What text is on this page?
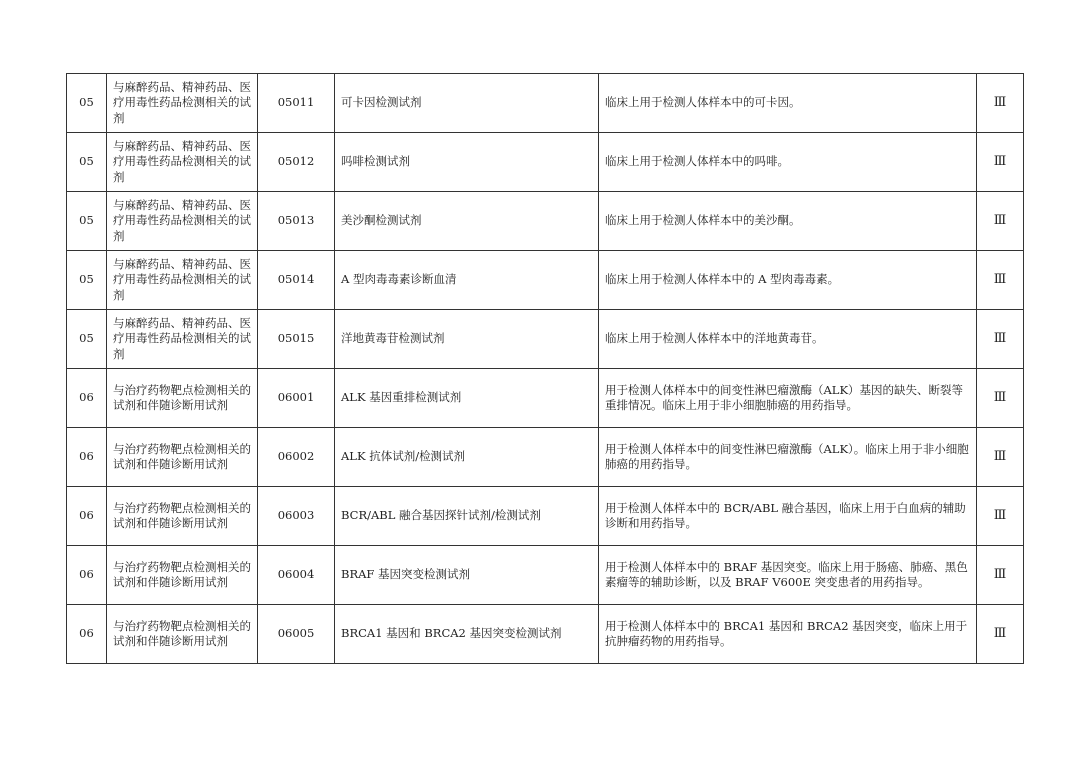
05	与麻醉药品、精神药品、医疗用毒性药品检测相关的试剂	05011	可卡因检测试剂	临床上用于检测人体样本中的可卡因。	Ⅲ
05	与麻醉药品、精神药品、医疗用毒性药品检测相关的试剂	05012	吗啡检测试剂	临床上用于检测人体样本中的吗啡。	Ⅲ
05	与麻醉药品、精神药品、医疗用毒性药品检测相关的试剂	05013	美沙酮检测试剂	临床上用于检测人体样本中的美沙酮。	Ⅲ
05	与麻醉药品、精神药品、医疗用毒性药品检测相关的试剂	05014	A 型肉毒毒素诊断血清	临床上用于检测人体样本中的 A 型肉毒毒素。	Ⅲ
05	与麻醉药品、精神药品、医疗用毒性药品检测相关的试剂	05015	洋地黄毒苷检测试剂	临床上用于检测人体样本中的洋地黄毒苷。	Ⅲ
06	与治疗药物靶点检测相关的试剂和伴随诊断用试剂	06001	ALK 基因重排检测试剂	用于检测人体样本中的间变性淋巴瘤激酶（ALK）基因的缺失、断裂等重排情况。临床上用于非小细胞肺癌的用药指导。	Ⅲ
06	与治疗药物靶点检测相关的试剂和伴随诊断用试剂	06002	ALK 抗体试剂/检测试剂	用于检测人体样本中的间变性淋巴瘤激酶（ALK）。临床上用于非小细胞肺癌的用药指导。	Ⅲ
06	与治疗药物靶点检测相关的试剂和伴随诊断用试剂	06003	BCR/ABL 融合基因探针试剂/检测试剂	用于检测人体样本中的 BCR/ABL 融合基因，临床上用于白血病的辅助诊断和用药指导。	Ⅲ
06	与治疗药物靶点检测相关的试剂和伴随诊断用试剂	06004	BRAF 基因突变检测试剂	用于检测人体样本中的 BRAF 基因突变。临床上用于肠癌、肺癌、黑色素瘤等的辅助诊断，以及 BRAF V600E 突变患者的用药指导。	Ⅲ
06	与治疗药物靶点检测相关的试剂和伴随诊断用试剂	06005	BRCA1 基因和 BRCA2 基因突变检测试剂	用于检测人体样本中的 BRCA1 基因和 BRCA2 基因突变，临床上用于抗肿瘤药物的用药指导。	Ⅲ
